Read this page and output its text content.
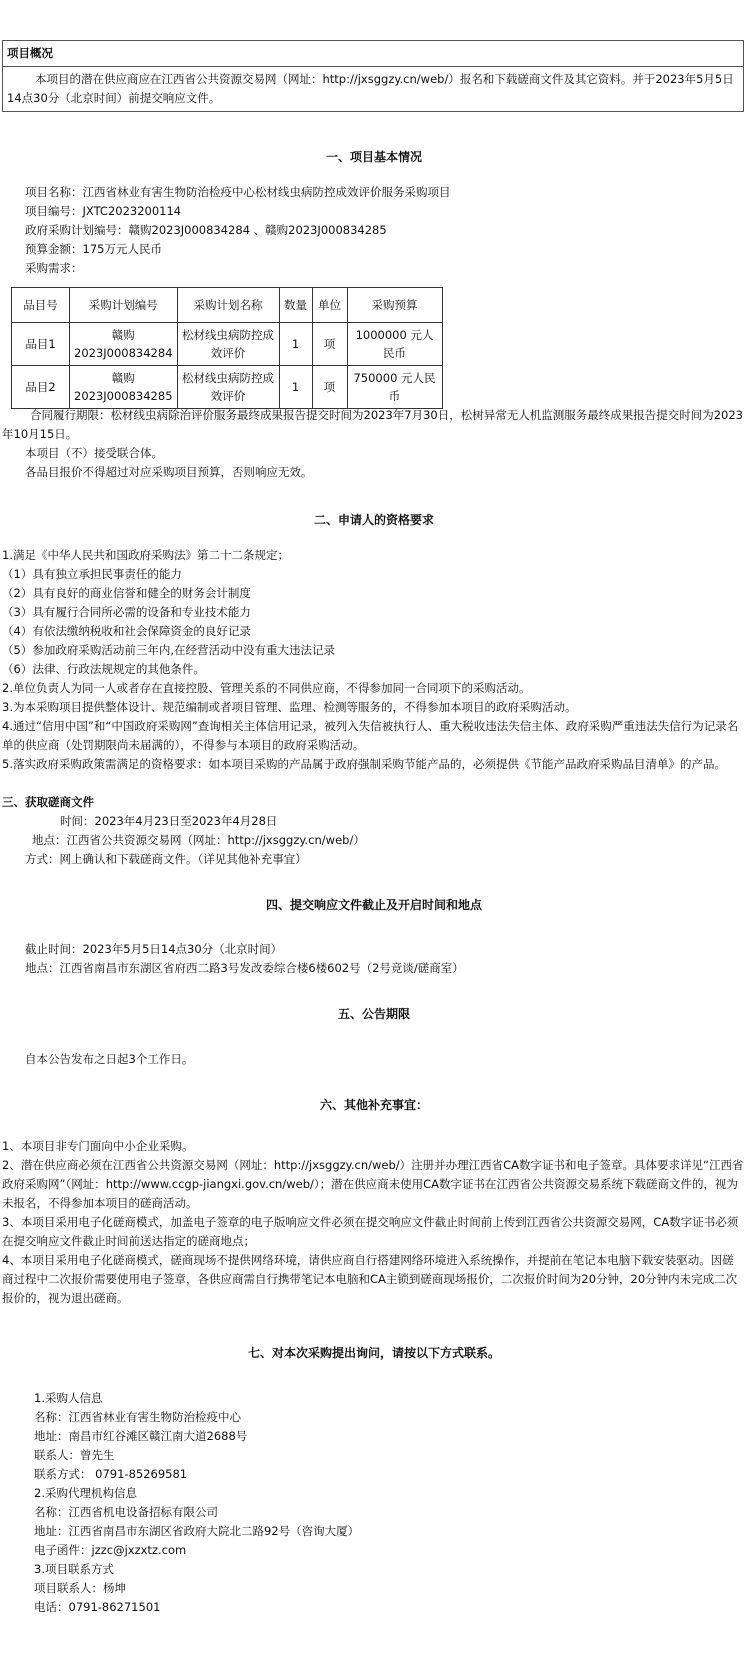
项目概况
本项目的潜在供应商应在江西省公共资源交易网（网址：http://jxsggzy.cn/web/）报名和下载磋商文件及其它资料。并于2023年5月5日14点30分（北京时间）前提交响应文件。
一、项目基本情况
项目名称：江西省林业有害生物防治检疫中心松材线虫病防控成效评价服务采购项目
项目编号：JXTC2023200114
政府采购计划编号：赣购2023J000834284 、赣购2023J000834285
预算金额：175万元人民币
采购需求：
品目号	采购计划编号	采购计划名称	数量	单位	采购预算
品目1	赣购2023J000834284	松材线虫病防控成效评价	1	项	1000000 元人民币
品目2	赣购2023J000834285	松材线虫病防控成效评价	1	项	750000 元人民币
合同履行期限：松材线虫病除治评价服务最终成果报告提交时间为2023年7月30日，松树异常无人机监测服务最终成果报告提交时间为2023年10月15日。
本项目（不）接受联合体。
各品目报价不得超过对应采购项目预算，否则响应无效。
二、申请人的资格要求
1.满足《中华人民共和国政府采购法》第二十二条规定；
（1）具有独立承担民事责任的能力
（2）具有良好的商业信誉和健全的财务会计制度
（3）具有履行合同所必需的设备和专业技术能力
（4）有依法缴纳税收和社会保障资金的良好记录
（5）参加政府采购活动前三年内,在经营活动中没有重大违法记录
（6）法律、行政法规规定的其他条件。
2.单位负责人为同一人或者存在直接控股、管理关系的不同供应商，不得参加同一合同项下的采购活动。
3.为本采购项目提供整体设计、规范编制或者项目管理、监理、检测等服务的，不得参加本项目的政府采购活动。
4.通过“信用中国”和“中国政府采购网”查询相关主体信用记录，被列入失信被执行人、重大税收违法失信主体、政府采购严重违法失信行为记录名单的供应商（处罚期限尚未届满的），不得参与本项目的政府采购活动。
5.落实政府采购政策需满足的资格要求：如本项目采购的产品属于政府强制采购节能产品的，必须提供《节能产品政府采购品目清单》的产品。
三、获取磋商文件
时间：2023年4月23日至2023年4月28日
地点：江西省公共资源交易网（网址：http://jxsggzy.cn/web/）
方式：网上确认和下载磋商文件。（详见其他补充事宜）
四、提交响应文件截止及开启时间和地点
截止时间：2023年5月5日14点30分（北京时间）
地点：江西省南昌市东湖区省府西二路3号发改委综合楼6楼602号（2号竞谈/磋商室）
五、公告期限
自本公告发布之日起3个工作日。
六、其他补充事宜：
1、本项目非专门面向中小企业采购。
2、潜在供应商必须在江西省公共资源交易网（网址：http://jxsggzy.cn/web/）注册并办理江西省CA数字证书和电子签章。具体要求详见“江西省政府采购网”（网址：http://www.ccgp-jiangxi.gov.cn/web/）；潜在供应商未使用CA数字证书在江西省公共资源交易系统下载磋商文件的，视为未报名，不得参加本项目的磋商活动。
3、本项目采用电子化磋商模式，加盖电子签章的电子版响应文件必须在提交响应文件截止时间前上传到江西省公共资源交易网，CA数字证书必须在提交响应文件截止时间前送达指定的磋商地点；
4、本项目采用电子化磋商模式，磋商现场不提供网络环境，请供应商自行搭建网络环境进入系统操作，并提前在笔记本电脑下载安装驱动。因磋商过程中二次报价需要使用电子签章，各供应商需自行携带笔记本电脑和CA主锁到磋商现场报价，二次报价时间为20分钟，20分钟内未完成二次报价的，视为退出磋商。
七、对本次采购提出询问，请按以下方式联系。
1.采购人信息
名称：江西省林业有害生物防治检疫中心
地址：南昌市红谷滩区赣江南大道2688号
联系人：曾先生
联系方式： 0791-85269581
2.采购代理机构信息
名称：江西省机电设备招标有限公司
地址：江西省南昌市东湖区省政府大院北二路92号（咨询大厦）
电子函件：jzzc@jxzxtz.com
3.项目联系方式
项目联系人：杨坤
电话：0791-86271501
